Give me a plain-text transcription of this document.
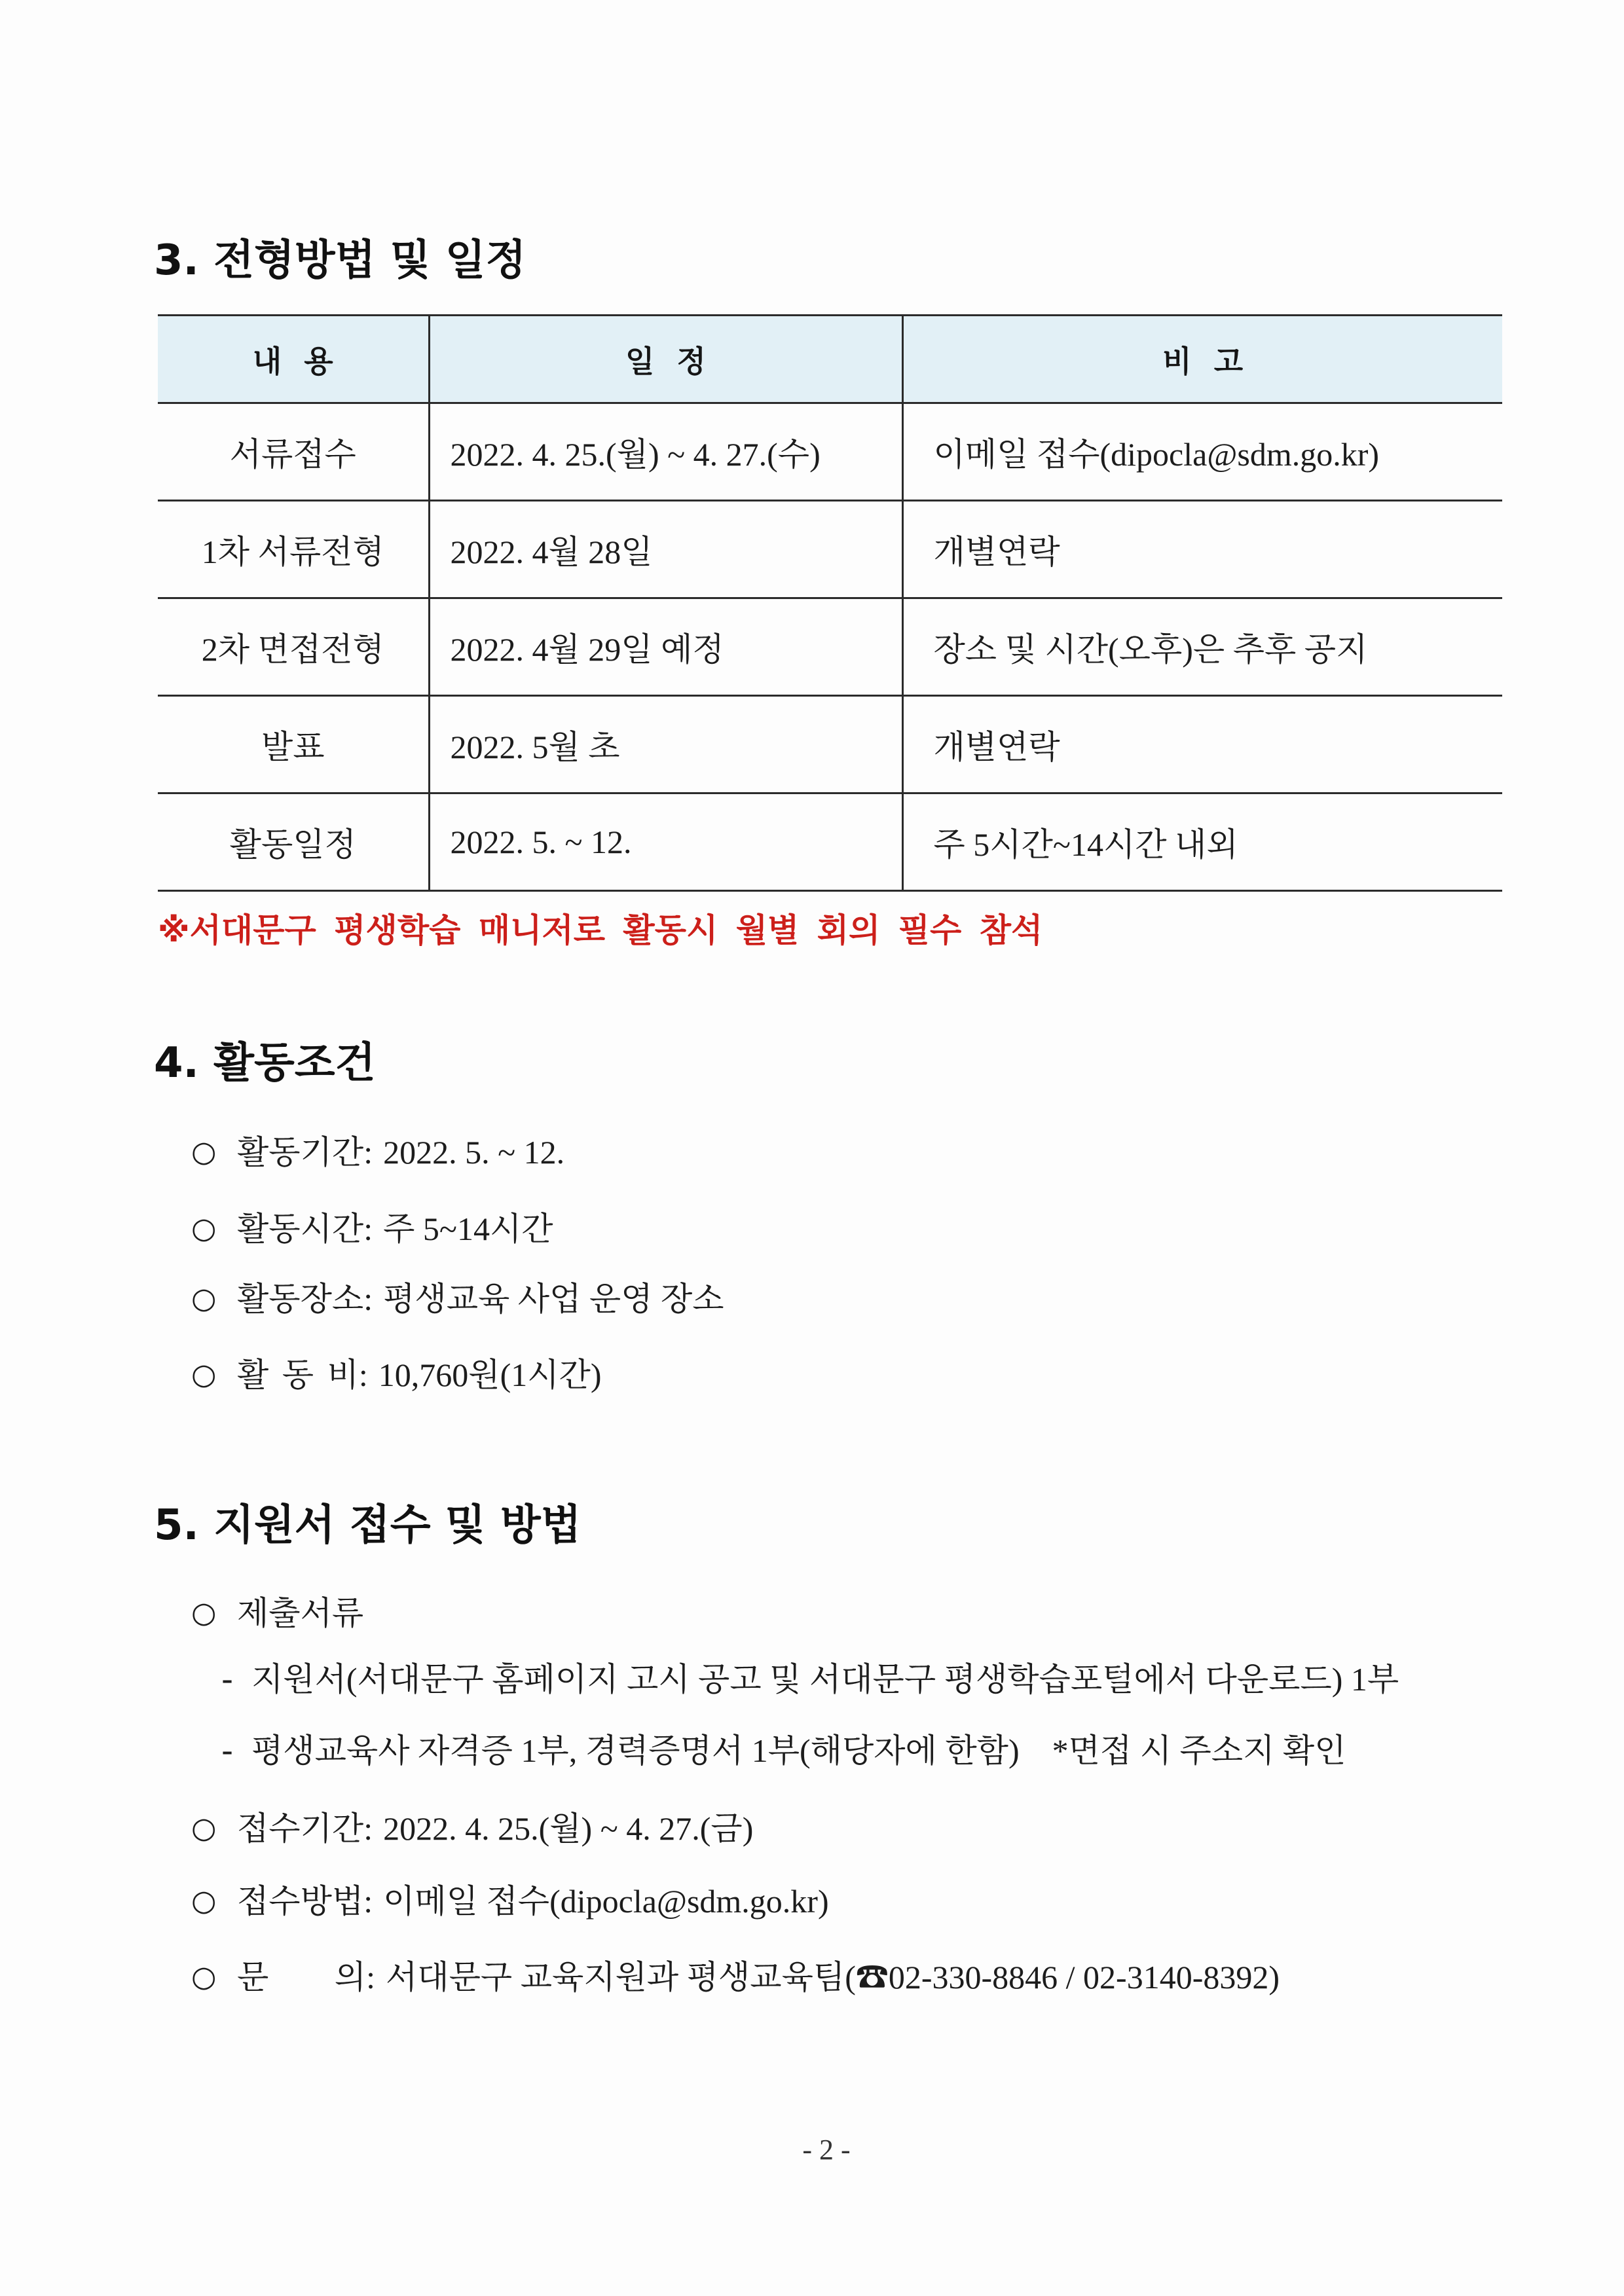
3. 전형방법 및 일정
내 용	일 정	비 고
서류접수	2022. 4. 25.(월) ~ 4. 27.(수)	이메일 접수(dipocla@sdm.go.kr)
1차 서류전형	2022. 4월 28일	개별연락
2차 면접전형	2022. 4월 29일 예정	장소 및 시간(오후)은 추후 공지
발표	2022. 5월 초	개별연락
활동일정	2022. 5. ~ 12.	주 5시간~14시간 내외
※서대문구 평생학습 매니저로 활동시 월별 회의 필수 참석
4. 활동조건
○ 활동기간: 2022. 5. ~ 12.
○ 활동시간: 주 5~14시간
○ 활동장소: 평생교육 사업 운영 장소
○ 활 동 비: 10,760원(1시간)
5. 지원서 접수 및 방법
○ 제출서류
- 지원서(서대문구 홈페이지 고시 공고 및 서대문구 평생학습포털에서 다운로드) 1부
- 평생교육사 자격증 1부, 경력증명서 1부(해당자에 한함) *면접 시 주소지 확인
○ 접수기간: 2022. 4. 25.(월) ~ 4. 27.(금)
○ 접수방법: 이메일 접수(dipocla@sdm.go.kr)
○ 문 의: 서대문구 교육지원과 평생교육팀(☎02-330-8846 / 02-3140-8392)
- 2 -
